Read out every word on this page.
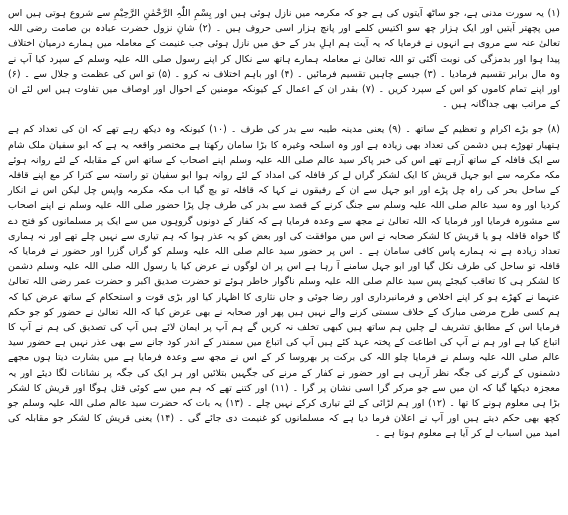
(۱) یہ سورت مدنی ہے، جو ساٹھ آیتوں کی ہے جو کہ مکرمہ میں نازل ہوئی ہیں اور بِسْمِ اللّٰہِ الرَّحْمٰنِ الرَّحِیْمِ سے شروع ہوتی ہیں اس میں پچھتر آیتیں اور ایک ہزار چھ سو اکتیس کلمے اور پانچ ہزار اسی حروف ہیں ۔ (۲) شانِ نزول حضرت عبادہ بن صامت رضی اللہ تعالیٰ عنہ سے مروی ہے انہوں نے فرمایا کہ یہ آیت ہم اہلِ بدر کے حق میں نازل ہوئی جب غنیمت کے معاملہ میں ہمارے درمیان اختلاف پیدا ہوا اور بدمزگی کی نوبت آگئی تو اللہ تعالیٰ نے معاملہ ہمارے ہاتھ سے نکال کر اپنے رسول صلی اللہ علیہ وسلم کے سپرد کیا آپ نے وہ مال برابر تقسیم فرمادیا ۔ (۳) جیسے چاہیں تقسیم فرمائیں ۔ (۴) اور باہم اختلاف نہ کرو ۔ (۵) تو اس کی عظمت و جلال سے ۔ (۶) اور اپنے تمام کاموں کو اس کے سپرد کریں ۔ (۷) بقدر ان کے اعمال کے کیونکہ مومنین کے احوال اور اوصاف میں تفاوت ہیں اس لئے ان کے مراتب بھی جداگانہ ہیں ۔

(۸) جو بڑے اکرام و تعظیم کے ساتھ ۔ (۹) یعنی مدینہ طیبہ سے بدر کی طرف ۔ (۱۰) کیونکہ وہ دیکھ رہے تھے کہ ان کی تعداد کم ہے ہتھیار تھوڑے ہیں دشمن کی تعداد بھی زیادہ ہے اور وہ اسلحہ وغیرہ کا بڑا سامان رکھتا ہے مختصر واقعہ یہ ہے کہ ابو سفیان ملک شام سے ایک قافلہ کے ساتھ آرہے تھے اس کی خبر پاکر سید عالم صلی اللہ علیہ وسلم اپنے اصحاب کے ساتھ اس کے مقابلہ کے لئے روانہ ہوئے مکہ مکرمہ سے ابو جہل قریش کا ایک لشکر گراں لے کر قافلہ کی امداد کے لئے روانہ ہوا ابو سفیان تو راستہ سے کترا کر مع اپنے قافلہ کے ساحل بحر کی راہ چل پڑے اور ابو جہل سے ان کے رفیقوں نے کہا کہ قافلہ تو بچ گیا اب مکہ مکرمہ واپس چل لیکن اس نے انکار کردیا اور وہ سید عالم صلی اللہ علیہ وسلم سے جنگ کرنے کے قصد سے بدر کی طرف چل پڑا حضور صلی اللہ علیہ وسلم نے اپنے اصحاب سے مشورہ فرمایا اور فرمایا کہ اللہ تعالیٰ نے مجھ سے وعدہ فرمایا ہے کہ کفار کے دونوں گروہوں میں سے ایک پر مسلمانوں کو فتح دے گا خواہ قافلہ ہو یا قریش کا لشکر صحابہ نے اس میں موافقت کی اور بعض کو یہ عذر ہوا کہ ہم تیاری سے نہیں چلے تھے اور نہ ہماری تعداد زیادہ ہے نہ ہمارے پاس کافی سامان ہے ۔ اس پر حضور سید عالم صلی اللہ علیہ وسلم کو گراں گزرا اور حضور نے فرمایا کہ قافلہ تو ساحل کی طرف نکل گیا اور ابو جہل سامنے آ رہا ہے اس پر ان لوگوں نے عرض کیا یا رسول اللہ صلی اللہ علیہ وسلم دشمن کا لشکر ہی کا تعاقب کیجئے پس سید عالم صلی اللہ علیہ وسلم ناگوار خاطر ہوئے تو حضرت صدیق اکبر و حضرت عمر رضی اللہ تعالیٰ عنہما نے کھڑے ہو کر اپنے اخلاص و فرمانبرداری اور رضا جوئی و جاں نثاری کا اظہار کیا اور بڑی قوت و استحکام کے ساتھ عرض کیا کہ ہم کسی طرح مرضی مبارک کے خلاف سستی کرنے والے نہیں ہیں پھر اور صحابہ نے بھی عرض کیا کہ اللہ تعالیٰ نے حضور کو جو حکم فرمایا اس کے مطابق تشریف لے چلیں ہم ساتھ ہیں کبھی تخلف نہ کریں گے ہم آپ پر ایمان لائے ہیں آپ کی تصدیق کی ہم نے آپ کا اتباع کیا ہے اور ہم نے آپ کی اطاعت کے پختہ عہد کئے ہیں آپ کی اتباع میں سمندر کے اندر کود جانے سے بھی عذر نہیں ہے حضور سید عالم صلی اللہ علیہ وسلم نے فرمایا چلو اللہ کی برکت پر بھروسا کر کے اس نے مجھ سے وعدہ فرمایا ہے میں بشارت دیتا ہوں مجھے دشمنوں کے گرنے کی جگہ نظر آرہی ہے اور حضور نے کفار کے مرنے کی جگہیں بتلائیں اور ہر ایک کی جگہ پر نشانات لگا دیئے اور یہ معجزہ دیکھا گیا کہ ان میں سے جو مرکر گرا اسی نشان پر گرا ۔ (۱۱) اور کتنے تھے کہ ہم میں سے کوئی قتل ہوگا اور قریش کا لشکر بڑا ہی معلوم ہونے کا تھا ۔ (۱۲) اور ہم لڑائی کے لئے تیاری کرکے نہیں چلے ۔ (۱۳) یہ بات کہ حضرت سید عالم صلی اللہ علیہ وسلم جو کچھ بھی حکم دیتے ہیں اور آپ نے اعلان فرما دیا ہے کہ مسلمانوں کو غنیمت دی جائے گی ۔ (۱۴) یعنی قریش کا لشکر جو مقابلہ کی امید میں اسباب لے کر آیا ہے معلوم ہوتا ہے ۔
